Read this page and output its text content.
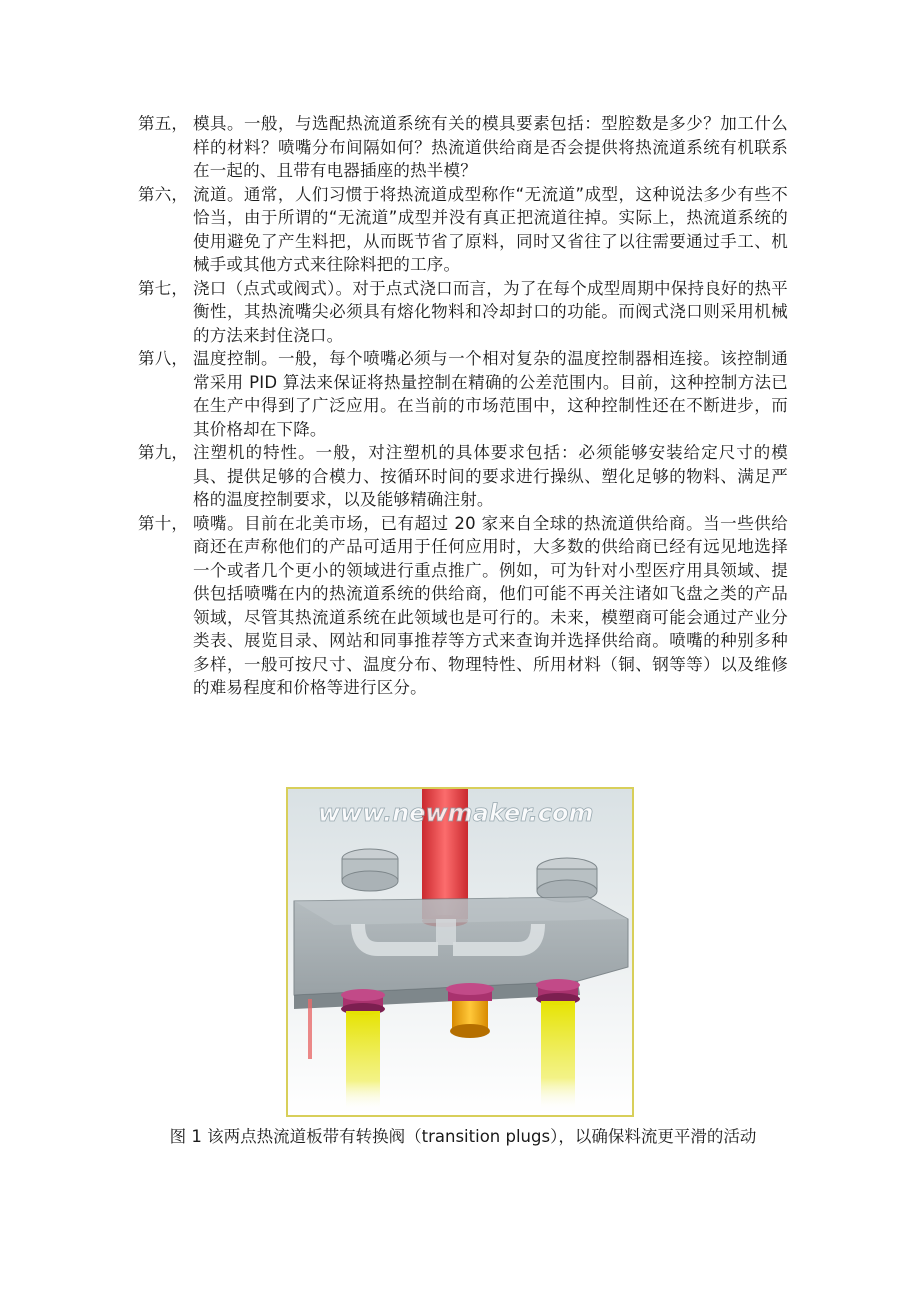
第五， 模具。一般，与选配热流道系统有关的模具要素包括：型腔数是多少？加工什么样的材料？喷嘴分布间隔如何？热流道供给商是否会提供将热流道系统有机联系在一起的、且带有电器插座的热半模？
第六， 流道。通常，人们习惯于将热流道成型称作“无流道”成型，这种说法多少有些不恰当，由于所谓的“无流道”成型并没有真正把流道往掉。实际上，热流道系统的使用避免了产生料把，从而既节省了原料，同时又省往了以往需要通过手工、机械手或其他方式来往除料把的工序。
第七， 浇口（点式或阀式）。对于点式浇口而言，为了在每个成型周期中保持良好的热平衡性，其热流嘴尖必须具有熔化物料和冷却封口的功能。而阀式浇口则采用机械的方法来封住浇口。
第八， 温度控制。一般，每个喷嘴必须与一个相对复杂的温度控制器相连接。该控制通常采用 PID 算法来保证将热量控制在精确的公差范围内。目前，这种控制方法已在生产中得到了广泛应用。在当前的市场范围中，这种控制性还在不断进步，而其价格却在下降。
第九， 注塑机的特性。一般，对注塑机的具体要求包括：必须能够安装给定尺寸的模具、提供足够的合模力、按循环时间的要求进行操纵、塑化足够的物料、满足严格的温度控制要求，以及能够精确注射。
第十， 喷嘴。目前在北美市场，已有超过 20 家来自全球的热流道供给商。当一些供给商还在声称他们的产品可适用于任何应用时，大多数的供给商已经有远见地选择一个或者几个更小的领域进行重点推广。例如，可为针对小型医疗用具领域、提供包括喷嘴在内的热流道系统的供给商，他们可能不再关注诸如飞盘之类的产品领域，尽管其热流道系统在此领域也是可行的。未来，模塑商可能会通过产业分类表、展览目录、网站和同事推荐等方式来查询并选择供给商。喷嘴的种别多种多样，一般可按尺寸、温度分布、物理特性、所用材料（铜、钢等等）以及维修的难易程度和价格等进行区分。
www.newmaker.com
图 1 该两点热流道板带有转换阀（transition plugs），以确保料流更平滑的活动
